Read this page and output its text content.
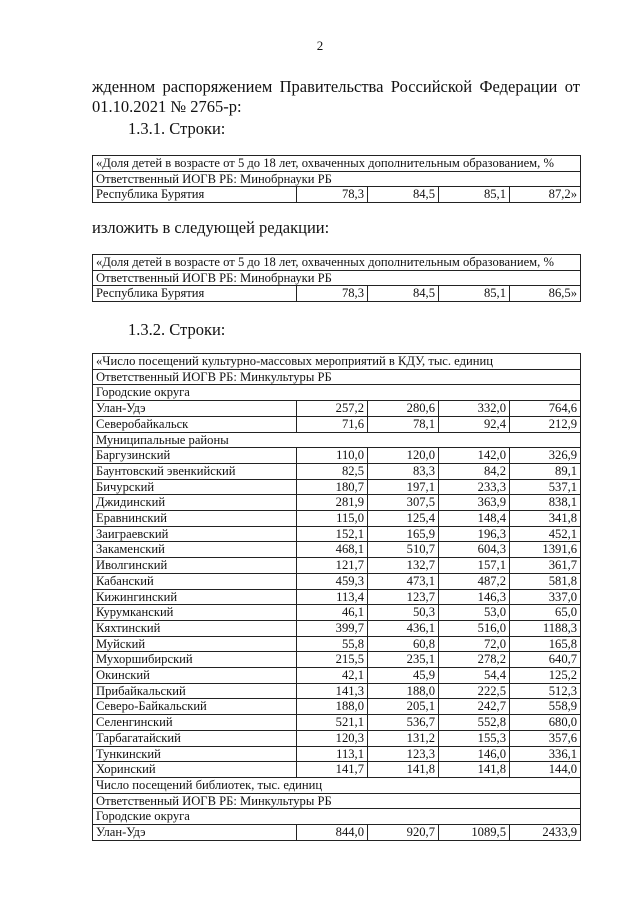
2
жденном распоряжением Правительства Российской Федерации от
01.10.2021 № 2765-р:
1.3.1. Строки:
«Доля детей в возрасте от 5 до 18 лет, охваченных дополнительным образованием, %
Ответственный ИОГВ РБ: Минобрнауки РБ
Республика Бурятия	78,3	84,5	85,1	87,2»
изложить в следующей редакции:
«Доля детей в возрасте от 5 до 18 лет, охваченных дополнительным образованием, %
Ответственный ИОГВ РБ: Минобрнауки РБ
Республика Бурятия	78,3	84,5	85,1	86,5»
1.3.2. Строки:
«Число посещений культурно-массовых мероприятий в КДУ, тыс. единиц				
Ответственный ИОГВ РБ: Минкультуры РБ				
Городские округа				
Улан-Удэ	257,2	280,6	332,0	764,6
Северобайкальск	71,6	78,1	92,4	212,9
Муниципальные районы				
Баргузинский	110,0	120,0	142,0	326,9
Баунтовский эвенкийский	82,5	83,3	84,2	89,1
Бичурский	180,7	197,1	233,3	537,1
Джидинский	281,9	307,5	363,9	838,1
Еравнинский	115,0	125,4	148,4	341,8
Заиграевский	152,1	165,9	196,3	452,1
Закаменский	468,1	510,7	604,3	1391,6
Иволгинский	121,7	132,7	157,1	361,7
Кабанский	459,3	473,1	487,2	581,8
Кижингинский	113,4	123,7	146,3	337,0
Курумканский	46,1	50,3	53,0	65,0
Кяхтинский	399,7	436,1	516,0	1188,3
Муйский	55,8	60,8	72,0	165,8
Мухоршибирский	215,5	235,1	278,2	640,7
Окинский	42,1	45,9	54,4	125,2
Прибайкальский	141,3	188,0	222,5	512,3
Северо-Байкальский	188,0	205,1	242,7	558,9
Селенгинский	521,1	536,7	552,8	680,0
Тарбагатайский	120,3	131,2	155,3	357,6
Тункинский	113,1	123,3	146,0	336,1
Хоринский	141,7	141,8	141,8	144,0
Число посещений библиотек, тыс. единиц				
Ответственный ИОГВ РБ: Минкультуры РБ				
Городские округа				
Улан-Удэ	844,0	920,7	1089,5	2433,9
